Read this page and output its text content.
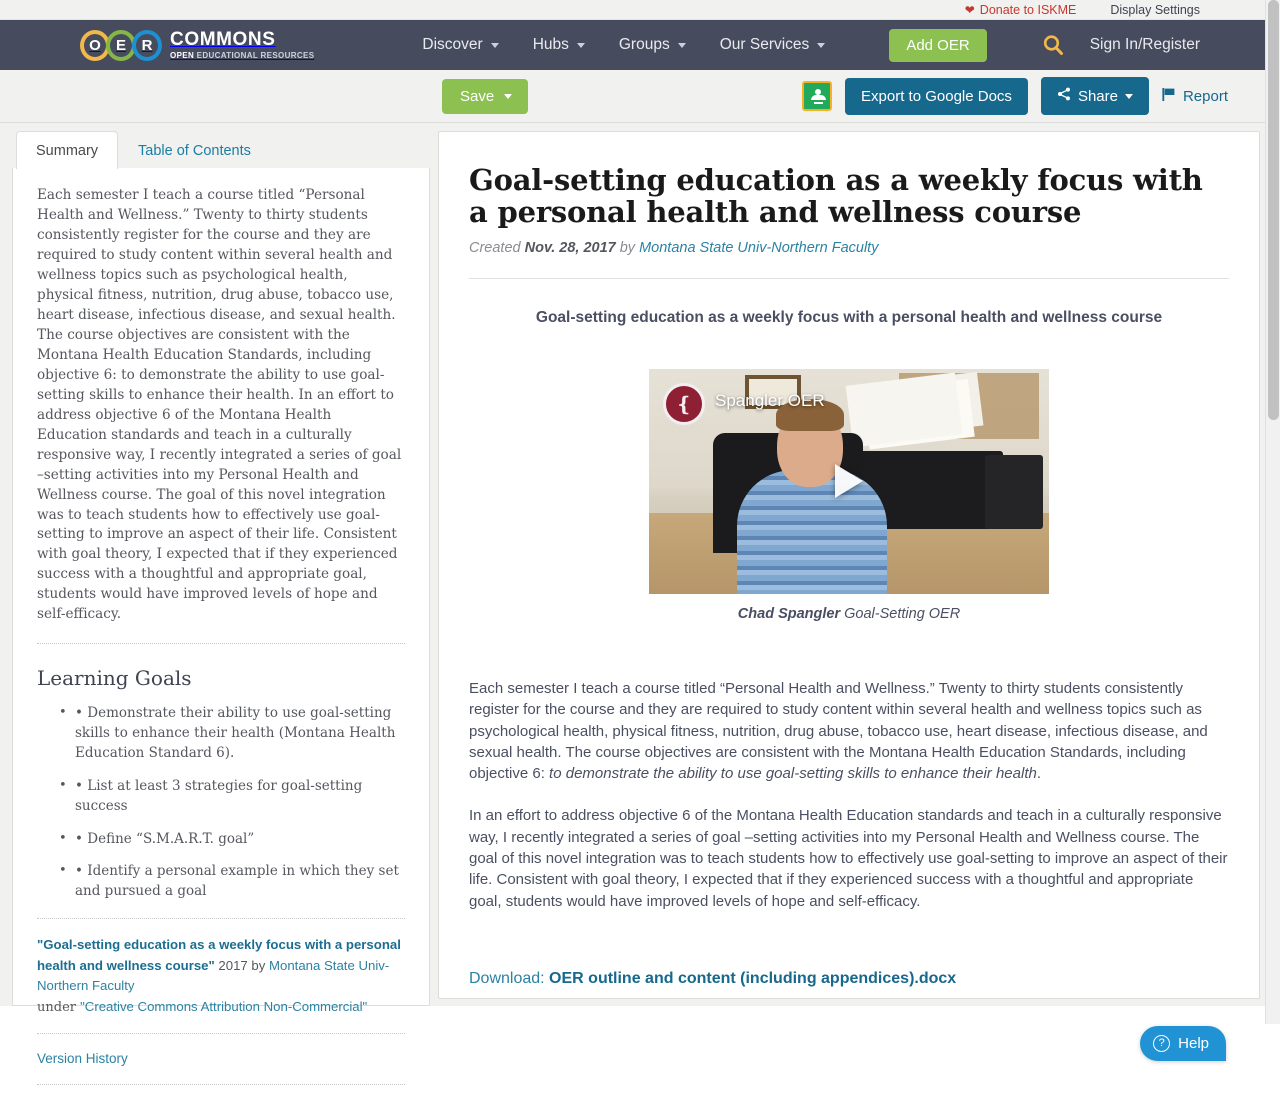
❤ Donate to ISKME	Display Settings
O	E	R COMMONS
OPEN EDUCATIONAL RESOURCES
Discover	Hubs	Groups	Our Services	Add OER	Sign In/Register
Save	Export to Google Docs	Share	Report
Summary	Table of Contents

Each semester I teach a course titled “Personal Health and Wellness.” Twenty to thirty students consistently register for the course and they are required to study content within several health and wellness topics such as psychological health, physical fitness, nutrition, drug abuse, tobacco use, heart disease, infectious disease, and sexual health. The course objectives are consistent with the Montana Health Education Standards, including objective 6: to demonstrate the ability to use goal-setting skills to enhance their health. In an effort to address objective 6 of the Montana Health Education standards and teach in a culturally responsive way, I recently integrated a series of goal –setting activities into my Personal Health and Wellness course. The goal of this novel integration was to teach students how to effectively use goal-setting to improve an aspect of their life. Consistent with goal theory, I expected that if they experienced success with a thoughtful and appropriate goal, students would have improved levels of hope and self-efficacy.

Learning Goals
• • Demonstrate their ability to use goal-setting skills to enhance their health (Montana Health Education Standard 6).
• • List at least 3 strategies for goal-setting success
• • Define “S.M.A.R.T. goal”
• • Identify a personal example in which they set and pursued a goal
"Goal-setting education as a weekly focus with a personal health and wellness course" 2017 by Montana State Univ-Northern Faculty
under "Creative Commons Attribution Non-Commercial"
Version History

Goal-setting education as a weekly focus with a personal health and wellness course
Created Nov. 28, 2017 by Montana State Univ-Northern Faculty

Goal-setting education as a weekly focus with a personal health and wellness course

❴ Spangler OER
Chad Spangler Goal-Setting OER

Each semester I teach a course titled “Personal Health and Wellness.” Twenty to thirty students consistently register for the course and they are required to study content within several health and wellness topics such as psychological health, physical fitness, nutrition, drug abuse, tobacco use, heart disease, infectious disease, and sexual health. The course objectives are consistent with the Montana Health Education Standards, including objective 6: to demonstrate the ability to use goal-setting skills to enhance their health.

In an effort to address objective 6 of the Montana Health Education standards and teach in a culturally responsive way, I recently integrated a series of goal –setting activities into my Personal Health and Wellness course. The goal of this novel integration was to teach students how to effectively use goal-setting to improve an aspect of their life. Consistent with goal theory, I expected that if they experienced success with a thoughtful and appropriate goal, students would have improved levels of hope and self-efficacy.

Download: OER outline and content (including appendices).docx
? Help
